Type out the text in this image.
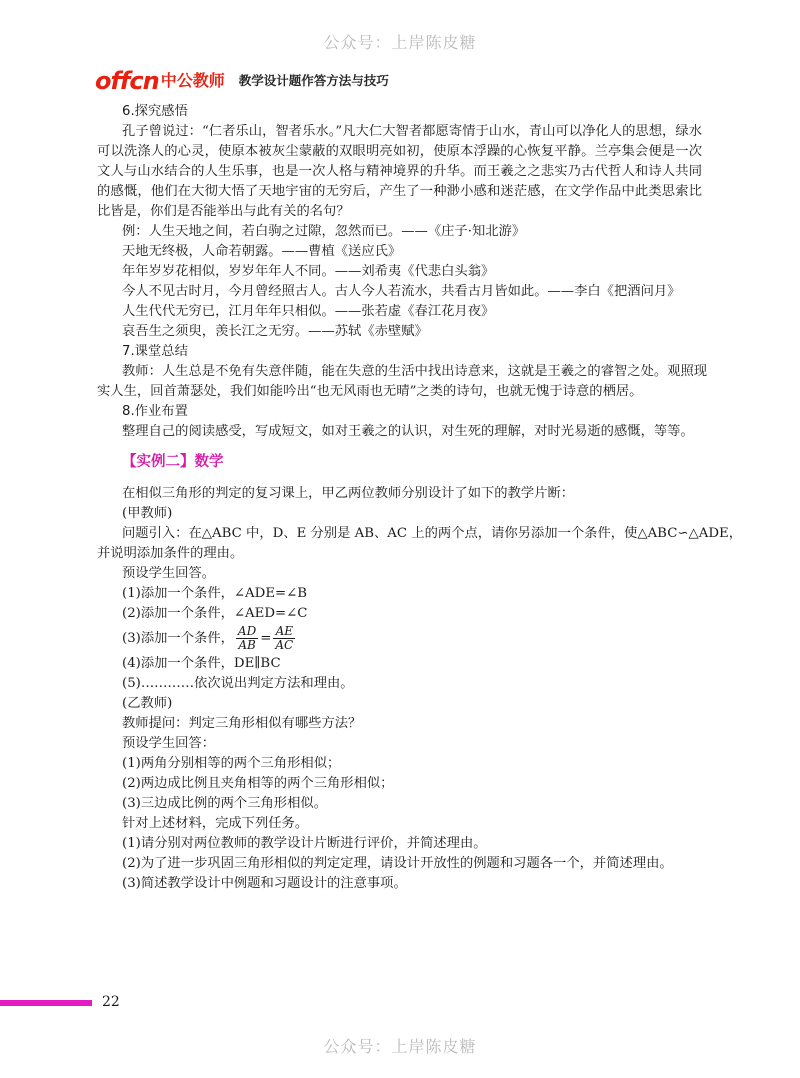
公众号：上岸陈皮糖
offcn 中公教师 教学设计题作答方法与技巧
6.探究感悟
孔子曾说过：“仁者乐山，智者乐水。”凡大仁大智者都愿寄情于山水，青山可以净化人的思想，绿水
可以洗涤人的心灵，使原本被灰尘蒙蔽的双眼明亮如初，使原本浮躁的心恢复平静。兰亭集会便是一次
文人与山水结合的人生乐事，也是一次人格与精神境界的升华。而王羲之之悲实乃古代哲人和诗人共同
的感慨，他们在大彻大悟了天地宇宙的无穷后，产生了一种渺小感和迷茫感，在文学作品中此类思索比
比皆是，你们是否能举出与此有关的名句？
例：人生天地之间，若白驹之过隙，忽然而已。——《庄子·知北游》
天地无终极，人命若朝露。——曹植《送应氏》
年年岁岁花相似，岁岁年年人不同。——刘希夷《代悲白头翁》
今人不见古时月，今月曾经照古人。古人今人若流水，共看古月皆如此。——李白《把酒问月》
人生代代无穷已，江月年年只相似。——张若虚《春江花月夜》
哀吾生之须臾，羡长江之无穷。——苏轼《赤壁赋》
7.课堂总结
教师：人生总是不免有失意伴随，能在失意的生活中找出诗意来，这就是王羲之的睿智之处。观照现
实人生，回首萧瑟处，我们如能吟出“也无风雨也无晴”之类的诗句，也就无愧于诗意的栖居。
8.作业布置
整理自己的阅读感受，写成短文，如对王羲之的认识，对生死的理解，对时光易逝的感慨，等等。
【实例二】数学
在相似三角形的判定的复习课上，甲乙两位教师分别设计了如下的教学片断：
(甲教师)
问题引入：在△ABC 中，D、E 分别是 AB、AC 上的两个点，请你另添加一个条件，使△ABC∽△ADE，
并说明添加条件的理由。
预设学生回答。
(1)添加一个条件，∠ADE=∠B
(2)添加一个条件，∠AED=∠C
(3)添加一个条件， $\frac{AD}{AB} = \frac{AE}{AC}$
(4)添加一个条件，DE∥BC
(5)…………依次说出判定方法和理由。
(乙教师)
教师提问：判定三角形相似有哪些方法？
预设学生回答：
(1)两角分别相等的两个三角形相似；
(2)两边成比例且夹角相等的两个三角形相似；
(3)三边成比例的两个三角形相似。
针对上述材料，完成下列任务。
(1)请分别对两位教师的教学设计片断进行评价，并简述理由。
(2)为了进一步巩固三角形相似的判定定理，请设计开放性的例题和习题各一个，并简述理由。
(3)简述教学设计中例题和习题设计的注意事项。
22
公众号：上岸陈皮糖
